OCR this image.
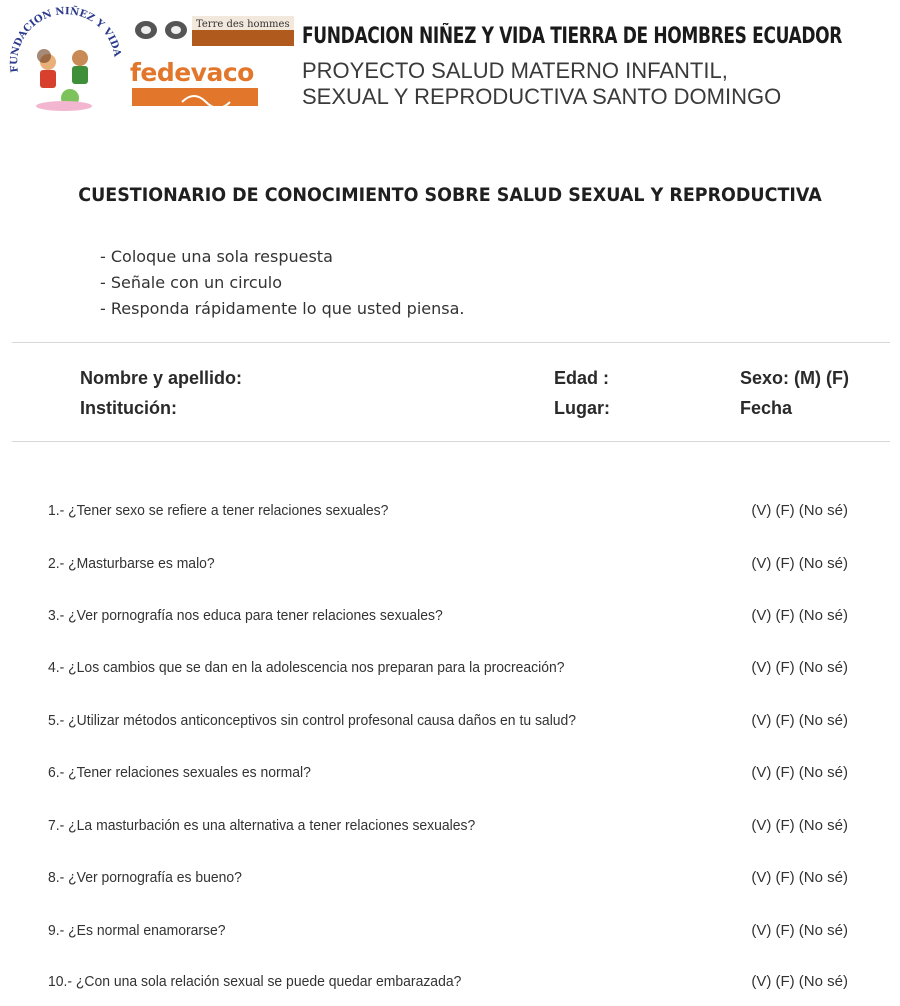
FUNDACION NIÑEZ Y VIDA
Terre des hommes
fedevaco
FUNDACION NIÑEZ Y VIDA TIERRA DE HOMBRES ECUADOR

PROYECTO SALUD MATERNO INFANTIL,

SEXUAL Y REPRODUCTIVA SANTO DOMINGO

CUESTIONARIO DE CONOCIMIENTO SOBRE SALUD SEXUAL Y REPRODUCTIVA
- Coloque una sola respuesta
- Señale con un circulo
- Responda rápidamente lo que usted piensa.
Nombre y apellido:	Edad :	Sexo: (M) (F)
Institución:	Lugar:	Fecha
1.- ¿Tener sexo se refiere a tener relaciones sexuales?	(V) (F) (No sé)
2.- ¿Masturbarse es malo?	(V) (F) (No sé)
3.- ¿Ver pornografía nos educa para tener relaciones sexuales?	(V) (F) (No sé)
4.- ¿Los cambios que se dan en la adolescencia nos preparan para la procreación?	(V) (F) (No sé)
5.- ¿Utilizar métodos anticonceptivos sin control profesonal causa daños en tu salud?	(V) (F) (No sé)
6.- ¿Tener relaciones sexuales es normal?	(V) (F) (No sé)
7.- ¿La masturbación es una alternativa a tener relaciones sexuales?	(V) (F) (No sé)
8.- ¿Ver pornografía es bueno?	(V) (F) (No sé)
9.- ¿Es normal enamorarse?	(V) (F) (No sé)
10.- ¿Con una sola relación sexual se puede quedar embarazada?	(V) (F) (No sé)
